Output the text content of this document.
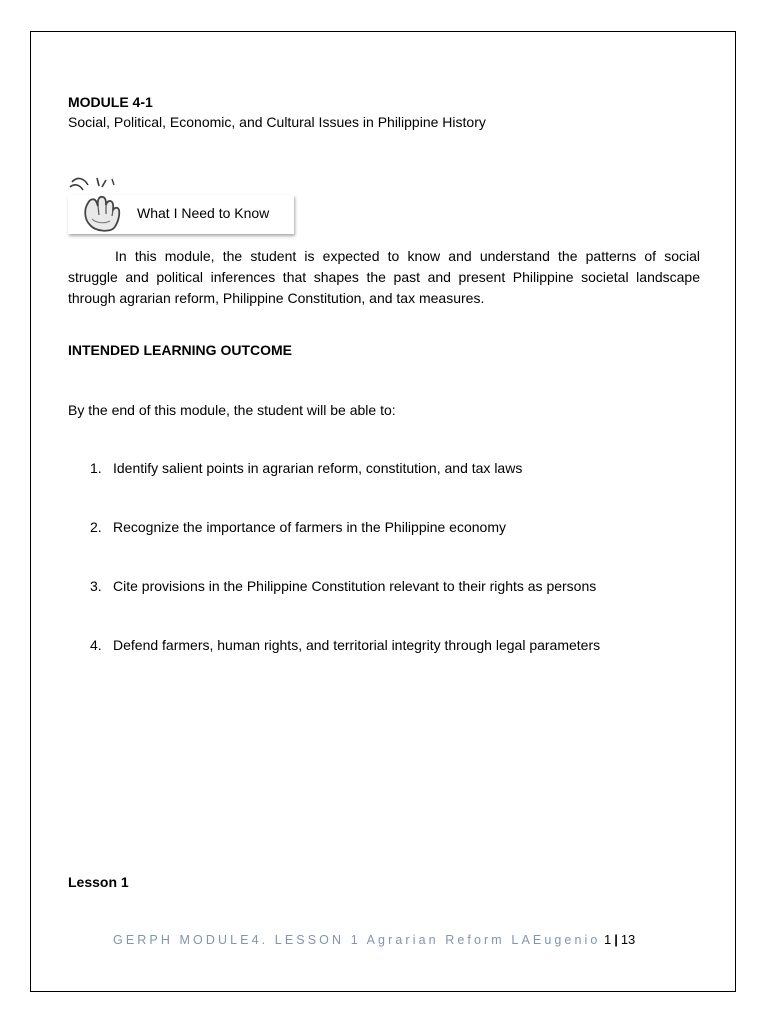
MODULE 4-1
Social, Political, Economic, and Cultural Issues in Philippine History
What I Need to Know

In this module, the student is expected to know and understand the patterns of social
struggle and political inferences that shapes the past and present Philippine societal landscape
through agrarian reform, Philippine Constitution, and tax measures.

INTENDED LEARNING OUTCOME
By the end of this module, the student will be able to:
1. Identify salient points in agrarian reform, constitution, and tax laws
2. Recognize the importance of farmers in the Philippine economy
3. Cite provisions in the Philippine Constitution relevant to their rights as persons
4. Defend farmers, human rights, and territorial integrity through legal parameters
Lesson 1
GERPH MODULE4. LESSON 1 Agrarian Reform LAEugenio 1 | 13
